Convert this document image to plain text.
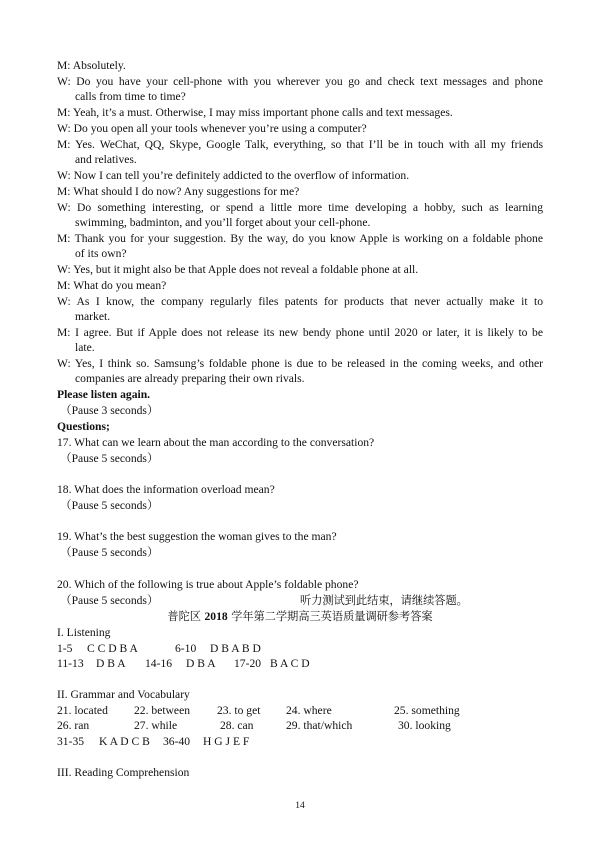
M: Absolutely.
W: Do you have your cell-phone with you wherever you go and check text messages and phone
calls from time to time?
M: Yeah, it’s a must. Otherwise, I may miss important phone calls and text messages.
W: Do you open all your tools whenever you’re using a computer?
M: Yes. WeChat, QQ, Skype, Google Talk, everything, so that I’ll be in touch with all my friends
and relatives.
W: Now I can tell you’re definitely addicted to the overflow of information.
M: What should I do now? Any suggestions for me?
W: Do something interesting, or spend a little more time developing a hobby, such as learning
swimming, badminton, and you’ll forget about your cell-phone.
M: Thank you for your suggestion. By the way, do you know Apple is working on a foldable phone
of its own?
W: Yes, but it might also be that Apple does not reveal a foldable phone at all.
M: What do you mean?
W: As I know, the company regularly files patents for products that never actually make it to
market.
M: I agree. But if Apple does not release its new bendy phone until 2020 or later, it is likely to be
late.
W: Yes, I think so. Samsung’s foldable phone is due to be released in the coming weeks, and other
companies are already preparing their own rivals.
Please listen again.
（Pause 3 seconds）
Questions;
17. What can we learn about the man according to the conversation?
（Pause 5 seconds）
18. What does the information overload mean?
（Pause 5 seconds）
19. What’s the best suggestion the woman gives to the man?
（Pause 5 seconds）
20. Which of the following is true about Apple’s foldable phone?
（Pause 5 seconds）	听力测试到此结束，请继续答题。
普陀区 2018 学年第二学期高三英语质量调研参考答案
I. Listening
1-5 C C D B A	6-10 D B A B D
11-13 D B A 14-16 D B A 17-20 B A C D
II. Grammar and Vocabulary
21. located 22. between 23. to get 24. where	25. something
26. ran	27. while	28. can	29. that/which	30. looking
31-35 K A D C B 36-40 H G J E F
III. Reading Comprehension
14
